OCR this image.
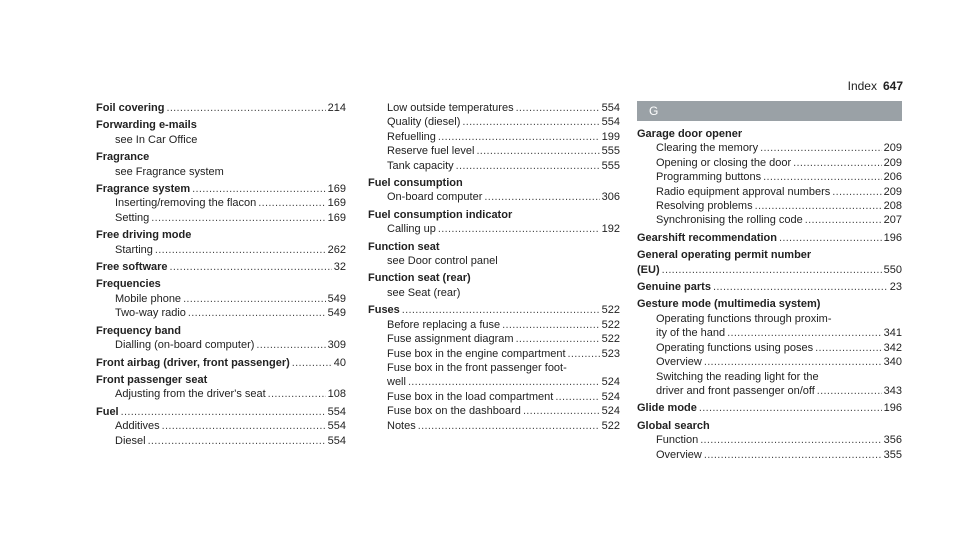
Index 647
Foil covering .....	214
Forwarding e-mails
see In Car Office
Fragrance
see Fragrance system
Fragrance system .....	169
Inserting/removing the flacon .....	169
Setting .....	169
Free driving mode
Starting .....	262
Free software .....	32
Frequencies
Mobile phone .....	549
Two-way radio .....	549
Frequency band
Dialling (on-board computer) .....	309
Front airbag (driver, front passenger) .....	40
Front passenger seat
Adjusting from the driver's seat .....	108
Fuel .....	554
Additives .....	554
Diesel .....	554
Low outside temperatures .....	554
Quality (diesel) .....	554
Refuelling .....	199
Reserve fuel level .....	555
Tank capacity .....	555
Fuel consumption
On-board computer .....	306
Fuel consumption indicator
Calling up .....	192
Function seat
see Door control panel
Function seat (rear)
see Seat (rear)
Fuses .....	522
Before replacing a fuse .....	522
Fuse assignment diagram .....	522
Fuse box in the engine compartment .....	523
Fuse box in the front passenger foot-
well .....	524
Fuse box in the load compartment .....	524
Fuse box on the dashboard .....	524
Notes .....	522
G
Garage door opener
Clearing the memory .....	209
Opening or closing the door .....	209
Programming buttons .....	206
Radio equipment approval numbers .....	209
Resolving problems .....	208
Synchronising the rolling code .....	207
Gearshift recommendation .....	196
General operating permit number
(EU) .....	550
Genuine parts .....	23
Gesture mode (multimedia system)
Operating functions through proxim-
ity of the hand .....	341
Operating functions using poses .....	342
Overview .....	340
Switching the reading light for the
driver and front passenger on/off .....	343
Glide mode .....	196
Global search
Function .....	356
Overview .....	355
